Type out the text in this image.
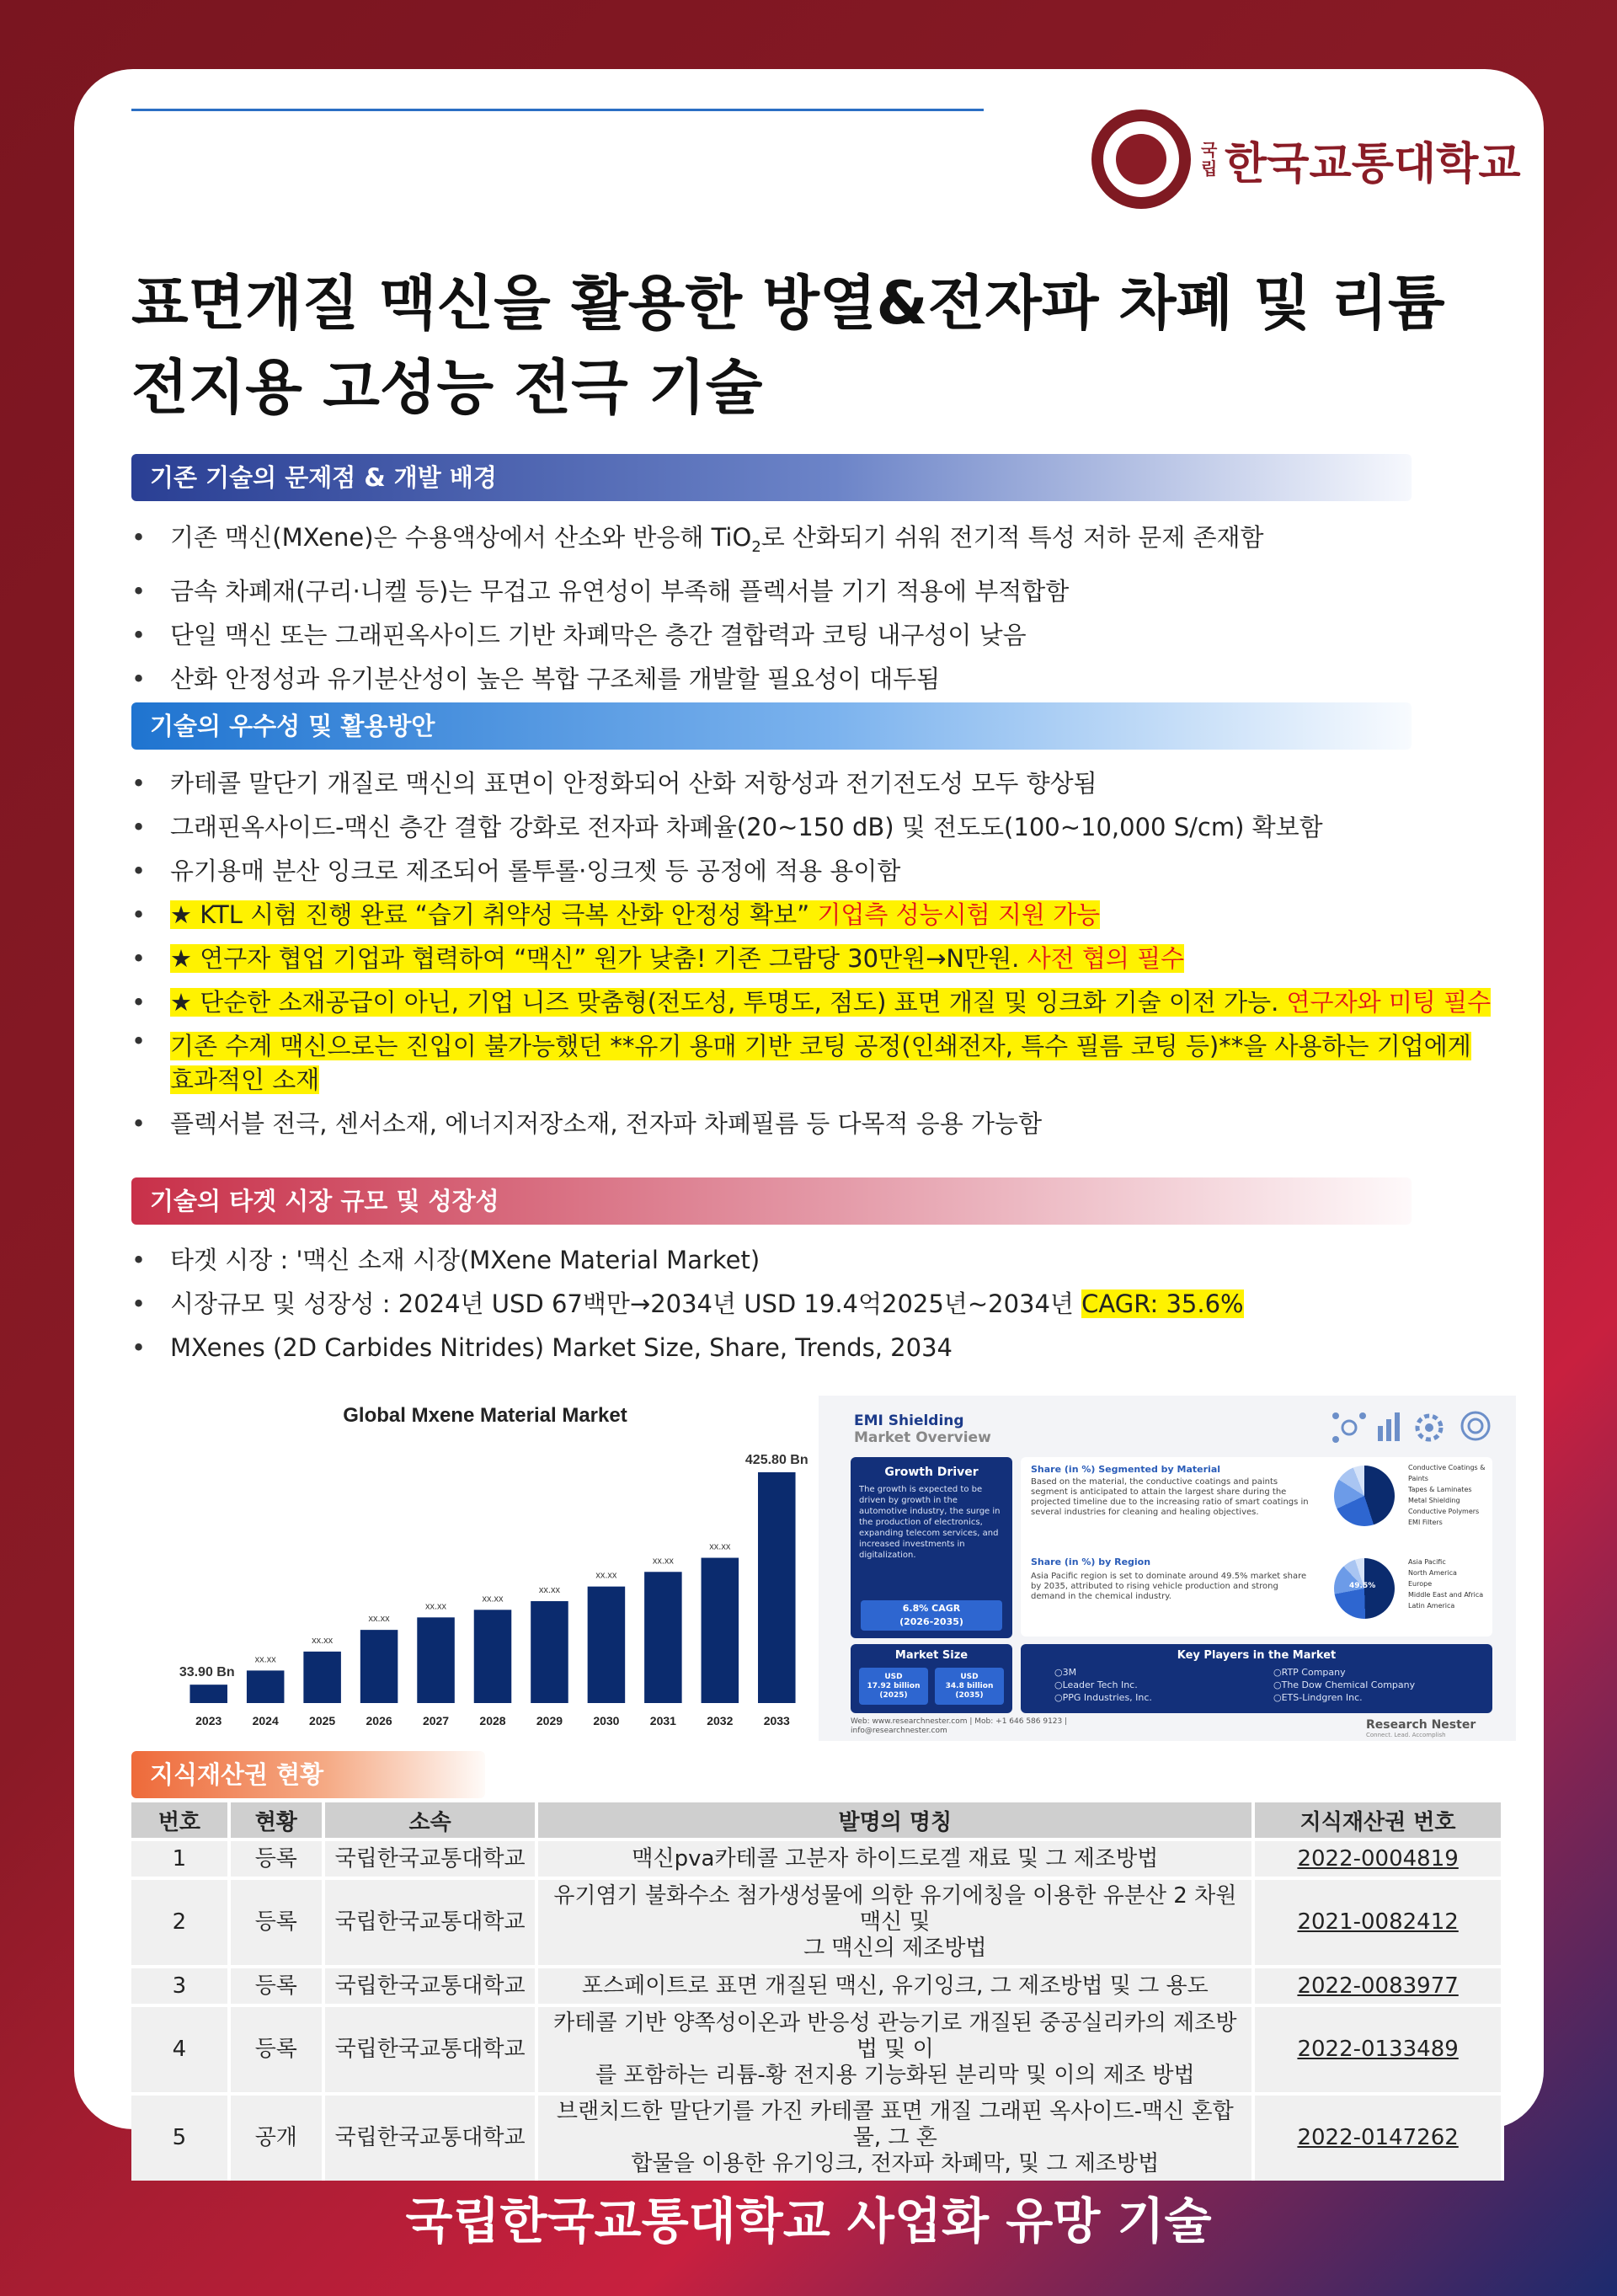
국립 한국교통대학교
표면개질 맥신을 활용한 방열&전자파 차폐 및 리튬
전지용 고성능 전극 기술
기존 기술의 문제점 & 개발 배경
• 기존 맥신(MXene)은 수용액상에서 산소와 반응해 TiO$_2$로 산화되기 쉬워 전기적 특성 저하 문제 존재함
• 금속 차폐재(구리·니켈 등)는 무겁고 유연성이 부족해 플렉서블 기기 적용에 부적합함
• 단일 맥신 또는 그래핀옥사이드 기반 차폐막은 층간 결합력과 코팅 내구성이 낮음
• 산화 안정성과 유기분산성이 높은 복합 구조체를 개발할 필요성이 대두됨
기술의 우수성 및 활용방안
• 카테콜 말단기 개질로 맥신의 표면이 안정화되어 산화 저항성과 전기전도성 모두 향상됨
• 그래핀옥사이드-맥신 층간 결합 강화로 전자파 차폐율(20~150 dB) 및 전도도(100~10,000 S/cm) 확보함
• 유기용매 분산 잉크로 제조되어 롤투롤·잉크젯 등 공정에 적용 용이함
• ★ KTL 시험 진행 완료 “습기 취약성 극복 산화 안정성 확보” 기업측 성능시험 지원 가능
• ★ 연구자 협업 기업과 협력하여 “맥신” 원가 낮춤! 기존 그람당 30만원→N만원. 사전 협의 필수
• ★ 단순한 소재공급이 아닌, 기업 니즈 맞춤형(전도성, 투명도, 점도) 표면 개질 및 잉크화 기술 이전 가능. 연구자와 미팅 필수
• 기존 수계 맥신으로는 진입이 불가능했던 **유기 용매 기반 코팅 공정(인쇄전자, 특수 필름 코팅 등)**을 사용하는 기업에게
효과적인 소재
• 플렉서블 전극, 센서소재, 에너지저장소재, 전자파 차폐필름 등 다목적 응용 가능함
기술의 타겟 시장 규모 및 성장성
• 타겟 시장 : '맥신 소재 시장(MXene Material Market)
• 시장규모 및 성장성 : 2024년 USD 67백만→2034년 USD 19.4억2025년~2034년 CAGR: 35.6%
• MXenes (2D Carbides Nitrides) Market Size, Share, Trends, 2034
Global Mxene Material Market
33.90 Bn
2023
xx.xx
2024
xx.xx
2025
xx.xx
2026
xx.xx
2027
xx.xx
2028
xx.xx
2029
xx.xx
2030
xx.xx
2031
xx.xx
2032
425.80 Bn
2033
EMI Shielding
Market Overview
Growth Driver

The growth is expected to be driven by growth in the automotive industry, the surge in the production of electronics, expanding telecom services, and increased investments in digitalization.

6.8% CAGR
(2026-2035)
Market Size
USD
17.92 billion
(2025)
USD
34.8 billion
(2035)
Share (in %) Segmented by Material
Based on the material, the conductive coatings and paints segment is anticipated to attain the largest share during the projected timeline due to the increasing ratio of smart coatings in several industries for cleaning and healing objectives.
Conductive Coatings & Paints
Tapes & Laminates
Metal Shielding
Conductive Polymers
EMI Filters
Share (in %) by Region
Asia Pacific region is set to dominate around 49.5% market share by 2035, attributed to rising vehicle production and strong demand in the chemical industry.
49.5%
Asia Pacific
North America
Europe
Middle East and Africa
Latin America
Key Players in the Market
○3M
○Leader Tech Inc.
○PPG Industries, Inc.
○RTP Company
○The Dow Chemical Company
○ETS-Lindgren Inc.
Web: www.researchnester.com | Mob: +1 646 586 9123 |
info@researchnester.com	Research Nester
Connect. Lead. Accomplish
지식재산권 현황
번호	현황	소속	발명의 명칭	지식재산권 번호
1	등록	국립한국교통대학교	맥신pva카테콜 고분자 하이드로겔 재료 및 그 제조방법	2022-0004819
2	등록	국립한국교통대학교	유기염기 불화수소 첨가생성물에 의한 유기에칭을 이용한 유분산 2 차원 맥신 및
그 맥신의 제조방법	2021-0082412
3	등록	국립한국교통대학교	포스페이트로 표면 개질된 맥신, 유기잉크, 그 제조방법 및 그 용도	2022-0083977
4	등록	국립한국교통대학교	카테콜 기반 양쪽성이온과 반응성 관능기로 개질된 중공실리카의 제조방법 및 이
를 포함하는 리튬-황 전지용 기능화된 분리막 및 이의 제조 방법	2022-0133489
5	공개	국립한국교통대학교	브랜치드한 말단기를 가진 카테콜 표면 개질 그래핀 옥사이드-맥신 혼합물, 그 혼
합물을 이용한 유기잉크, 전자파 차폐막, 및 그 제조방법	2022-0147262
국립한국교통대학교 사업화 유망 기술
